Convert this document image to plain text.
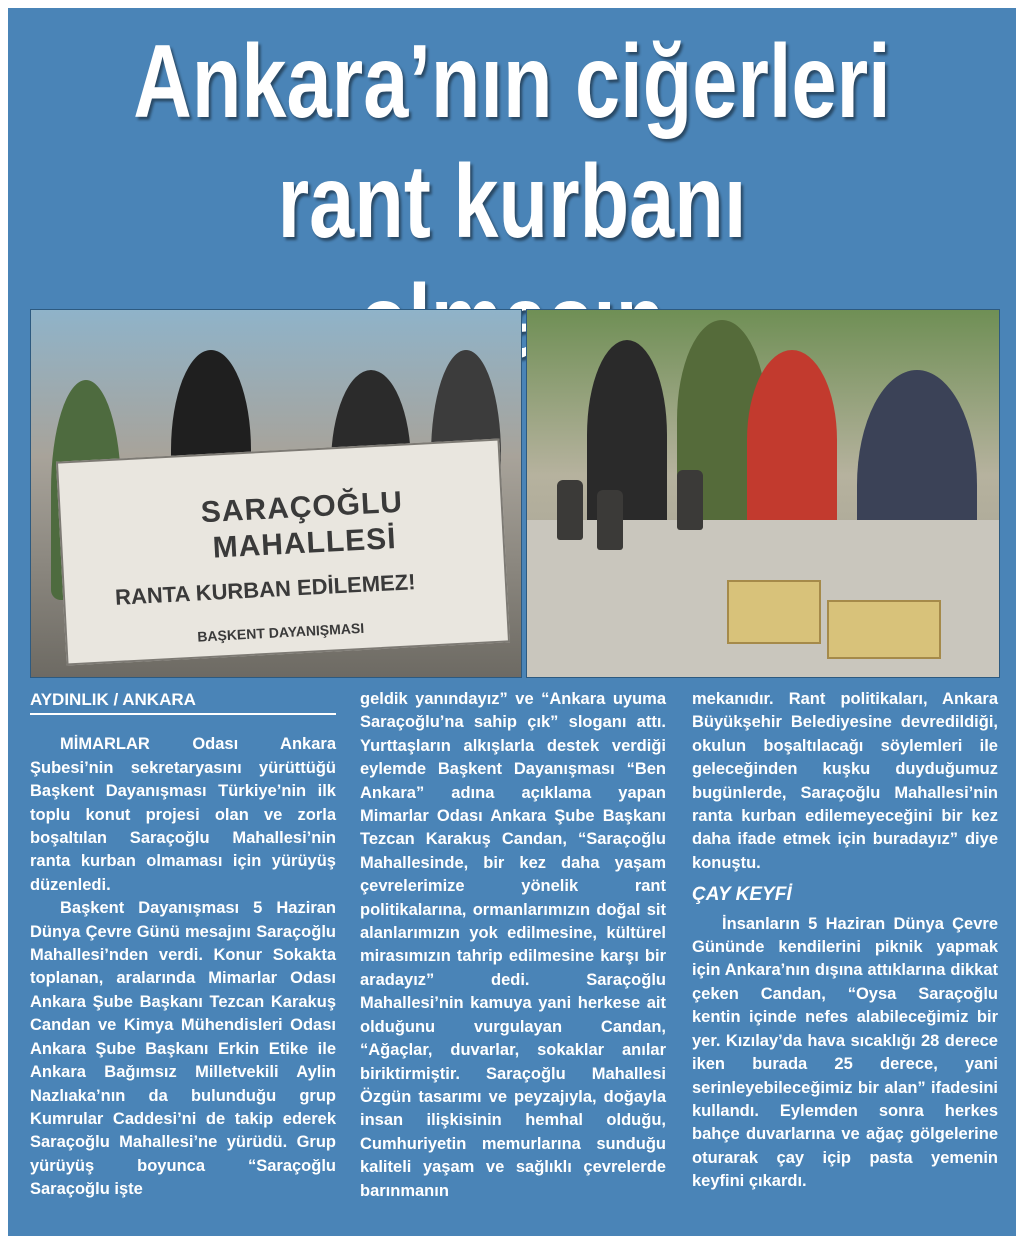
Ankara’nın ciğerleri
rant kurbanı
SARAÇOĞLU
MAHALLESİ
RANTA KURBAN EDİLEMEZ!
BAŞKENT DAYANIŞMASI
AYDINLIK / ANKARA

MİMARLAR Odası Ankara Şubesi’nin sekretaryasını yürüttüğü Başkent Dayanışması Türkiye’nin ilk toplu konut projesi olan ve zorla boşaltılan Saraçoğlu Mahallesi’nin ranta kurban olmaması için yürüyüş düzenledi.

Başkent Dayanışması 5 Haziran Dünya Çevre Günü mesajını Saraçoğlu Mahallesi’nden verdi. Konur Sokakta toplanan, aralarında Mimarlar Odası Ankara Şube Başkanı Tezcan Karakuş Candan ve Kimya Mühendisleri Odası Ankara Şube Başkanı Erkin Etike ile Ankara Bağımsız Milletvekili Aylin Nazlıaka’nın da bulunduğu grup Kumrular Caddesi’ni de takip ederek Saraçoğlu Mahallesi’ne yürüdü. Grup yürüyüş boyunca “Saraçoğlu Saraçoğlu işte

geldik yanındayız” ve “Ankara uyuma Saraçoğlu’na sahip çık” sloganı attı. Yurttaşların alkışlarla destek verdiği eylemde Başkent Dayanışması “Ben Ankara” adına açıklama yapan Mimarlar Odası Ankara Şube Başkanı Tezcan Karakuş Candan, “Saraçoğlu Mahallesinde, bir kez daha yaşam çevrelerimize yönelik rant politikalarına, ormanlarımızın doğal sit alanlarımızın yok edilmesine, kültürel mirasımızın tahrip edilmesine karşı bir aradayız” dedi. Saraçoğlu Mahallesi’nin kamuya yani herkese ait olduğunu vurgulayan Candan, “Ağaçlar, duvarlar, sokaklar anılar biriktirmiştir. Saraçoğlu Mahallesi Özgün tasarımı ve peyzajıyla, doğayla insan ilişkisinin hemhal olduğu, Cumhuriyetin memurlarına sunduğu kaliteli yaşam ve sağlıklı çevrelerde barınmanın

mekanıdır. Rant politikaları, Ankara Büyükşehir Belediyesine devredildiği, okulun boşaltılacağı söylemleri ile geleceğinden kuşku duyduğumuz bugünlerde, Saraçoğlu Mahallesi’nin ranta kurban edilemeyeceğini bir kez daha ifade etmek için buradayız” diye konuştu.

ÇAY KEYFİ

İnsanların 5 Haziran Dünya Çevre Gününde kendilerini piknik yapmak için Ankara’nın dışına attıklarına dikkat çeken Candan, “Oysa Saraçoğlu kentin içinde nefes alabileceğimiz bir yer. Kızılay’da hava sıcaklığı 28 derece iken burada 25 derece, yani serinleyebileceğimiz bir alan” ifadesini kullandı. Eylemden sonra herkes bahçe duvarlarına ve ağaç gölgelerine oturarak çay içip pasta yemenin keyfini çıkardı.
